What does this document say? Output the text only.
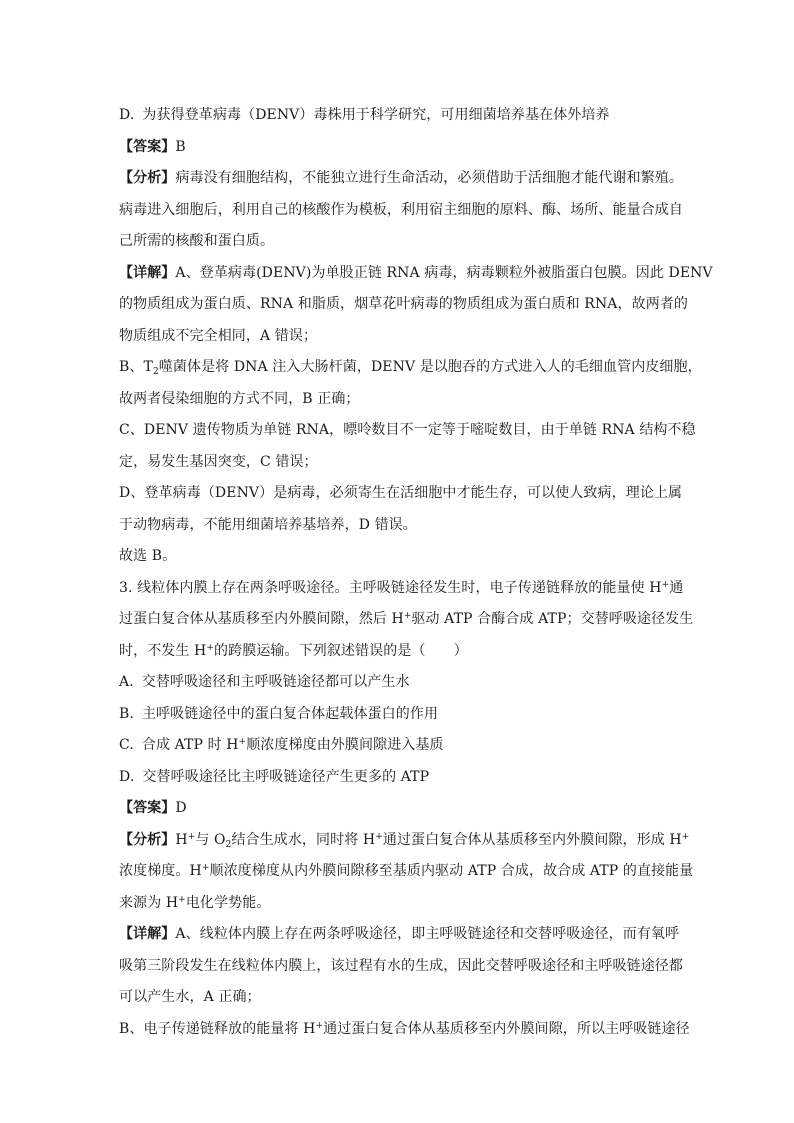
D. 为获得登革病毒（DENV）毒株用于科学研究，可用细菌培养基在体外培养
【答案】B
【分析】病毒没有细胞结构，不能独立进行生命活动，必须借助于活细胞才能代谢和繁殖。
病毒进入细胞后，利用自己的核酸作为模板，利用宿主细胞的原料、酶、场所、能量合成自
己所需的核酸和蛋白质。
【详解】A、登革病毒(DENV)为单股正链 RNA 病毒，病毒颗粒外被脂蛋白包膜。因此 DENV
的物质组成为蛋白质、RNA 和脂质，烟草花叶病毒的物质组成为蛋白质和 RNA，故两者的
物质组成不完全相同，A 错误；
B、$T_2$噬菌体是将 DNA 注入大肠杆菌，DENV 是以胞吞的方式进入人的毛细血管内皮细胞，
故两者侵染细胞的方式不同，B 正确；
C、DENV 遗传物质为单链 RNA，嘌呤数目不一定等于嘧啶数目，由于单链 RNA 结构不稳
定，易发生基因突变，C 错误；
D、登革病毒（DENV）是病毒，必须寄生在活细胞中才能生存，可以使人致病，理论上属
于动物病毒，不能用细菌培养基培养，D 错误。
故选 B。
3. 线粒体内膜上存在两条呼吸途径。主呼吸链途径发生时，电子传递链释放的能量使 H+通
过蛋白复合体从基质移至内外膜间隙，然后 H+驱动 ATP 合酶合成 ATP；交替呼吸途径发生
时，不发生 H+的跨膜运输。下列叙述错误的是（　　）
A. 交替呼吸途径和主呼吸链途径都可以产生水
B. 主呼吸链途径中的蛋白复合体起载体蛋白的作用
C. 合成 ATP 时 H+顺浓度梯度由外膜间隙进入基质
D. 交替呼吸途径比主呼吸链途径产生更多的 ATP
【答案】D
【分析】H+与 $O_2$结合生成水，同时将 H+通过蛋白复合体从基质移至内外膜间隙，形成 H+
浓度梯度。H+顺浓度梯度从内外膜间隙移至基质内驱动 ATP 合成，故合成 ATP 的直接能量
来源为 H+电化学势能。
【详解】A、线粒体内膜上存在两条呼吸途径，即主呼吸链途径和交替呼吸途径，而有氧呼
吸第三阶段发生在线粒体内膜上，该过程有水的生成，因此交替呼吸途径和主呼吸链途径都
可以产生水，A 正确；
B、电子传递链释放的能量将 H+通过蛋白复合体从基质移至内外膜间隙，所以主呼吸链途径
